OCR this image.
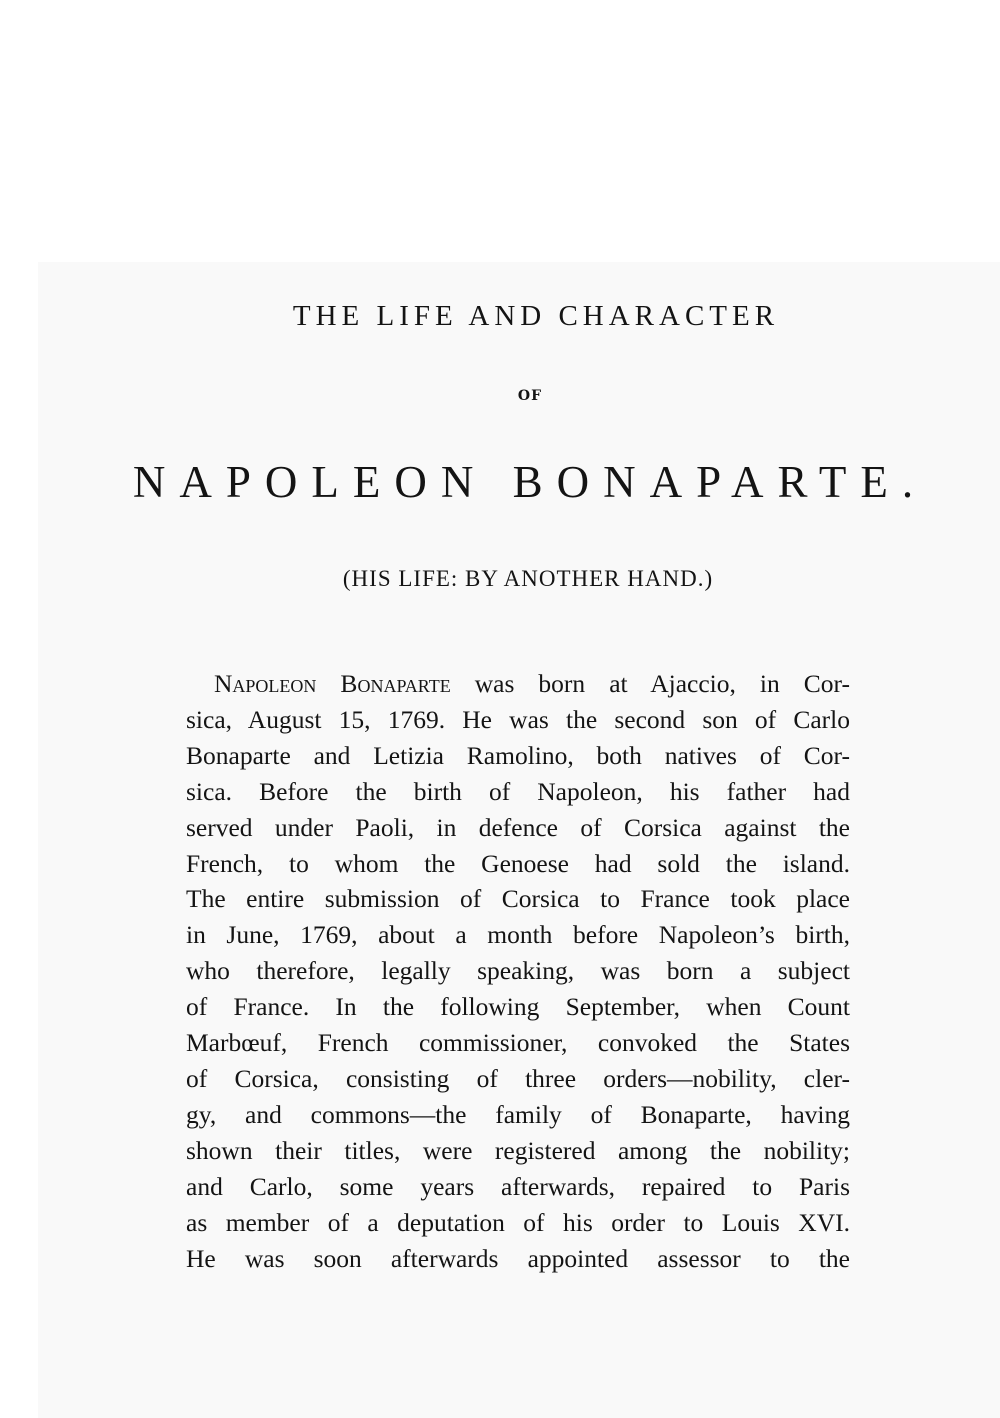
THE LIFE AND CHARACTER
OF
NAPOLEON BONAPARTE.
(HIS LIFE: BY ANOTHER HAND.)
Napoleon Bonaparte was born at Ajaccio, in Cor-
sica, August 15, 1769. He was the second son of Carlo
Bonaparte and Letizia Ramolino, both natives of Cor-
sica. Before the birth of Napoleon, his father had
served under Paoli, in defence of Corsica against the
French, to whom the Genoese had sold the island.
The entire submission of Corsica to France took place
in June, 1769, about a month before Napoleon’s birth,
who therefore, legally speaking, was born a subject
of France. In the following September, when Count
Marbœuf, French commissioner, convoked the States
of Corsica, consisting of three orders—nobility, cler-
gy, and commons—the family of Bonaparte, having
shown their titles, were registered among the nobility;
and Carlo, some years afterwards, repaired to Paris
as member of a deputation of his order to Louis XVI.
He was soon afterwards appointed assessor to the
